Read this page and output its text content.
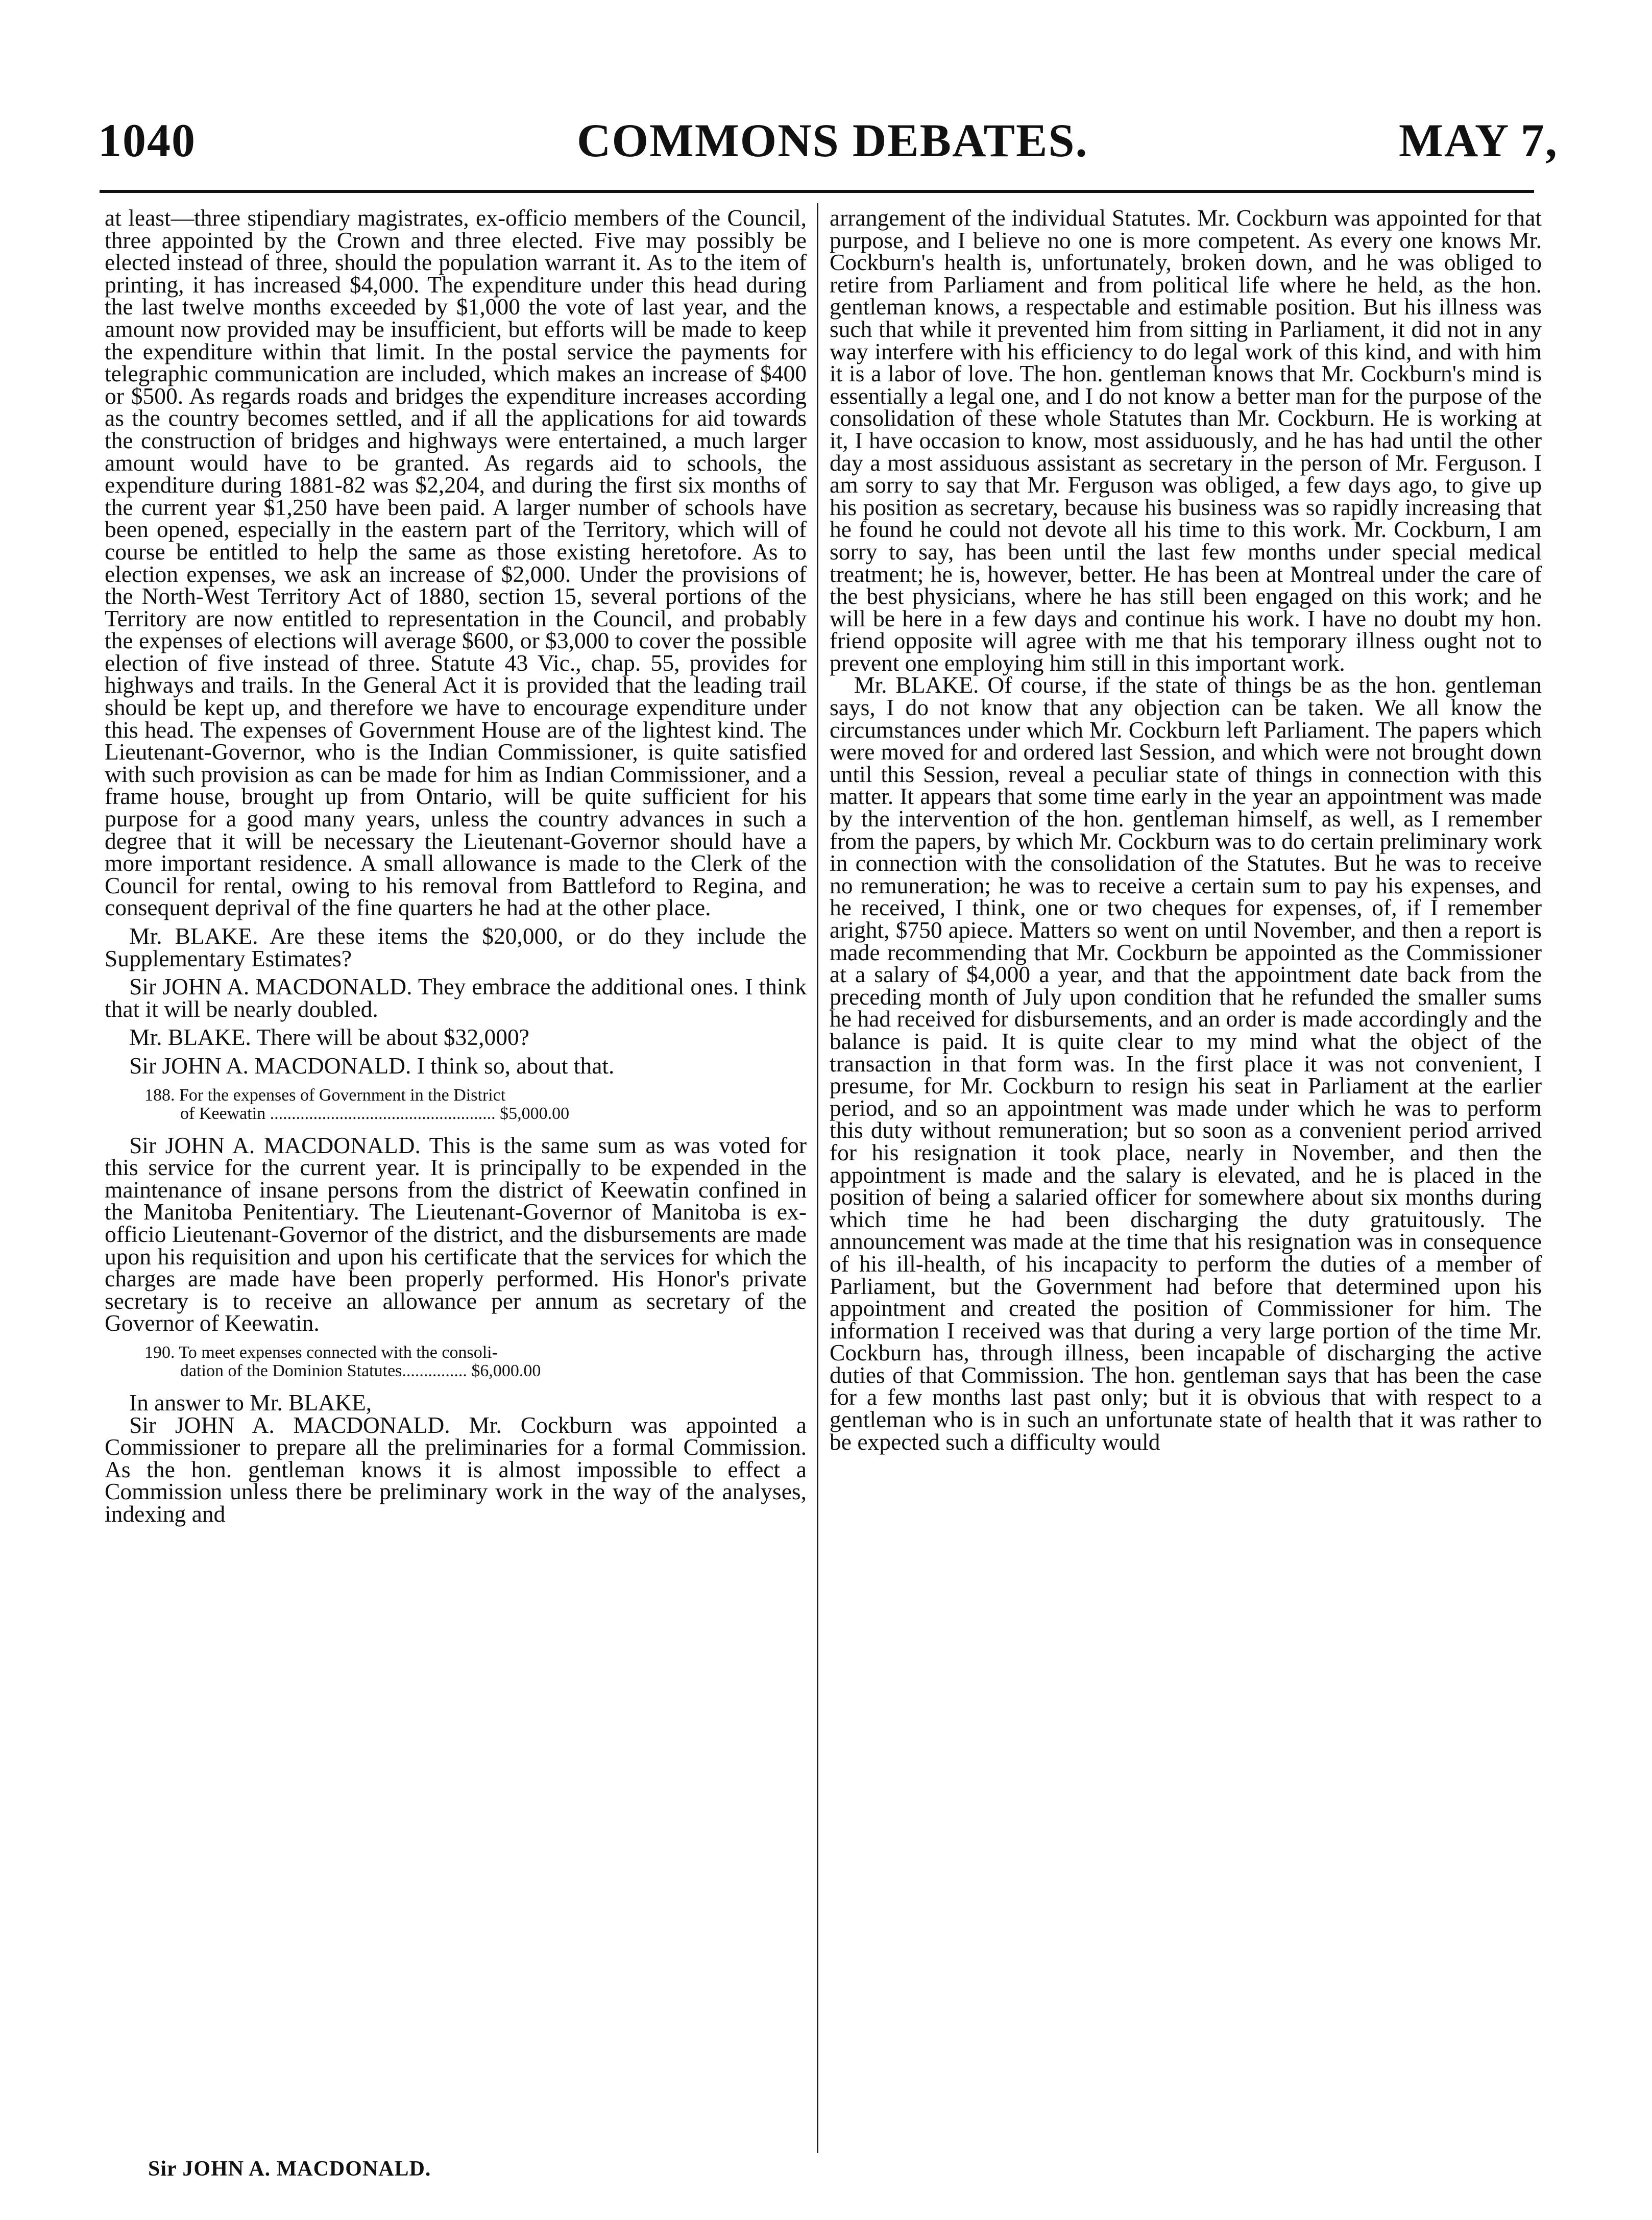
1040	COMMONS DEBATES.	MAY 7,

at least—three stipendiary magistrates, ex-officio members of the Council, three appointed by the Crown and three elected. Five may possibly be elected instead of three, should the population warrant it. As to the item of printing, it has increased $4,000. The expenditure under this head during the last twelve months exceeded by $1,000 the vote of last year, and the amount now provided may be insufficient, but efforts will be made to keep the expenditure within that limit. In the postal service the payments for telegraphic communication are included, which makes an increase of $400 or $500. As regards roads and bridges the expenditure increases according as the country becomes settled, and if all the applications for aid towards the construction of bridges and highways were entertained, a much larger amount would have to be granted. As regards aid to schools, the expenditure during 1881-82 was $2,204, and during the first six months of the current year $1,250 have been paid. A larger number of schools have been opened, especially in the eastern part of the Territory, which will of course be entitled to help the same as those existing heretofore. As to election expenses, we ask an increase of $2,000. Under the provisions of the North-West Territory Act of 1880, section 15, several portions of the Territory are now entitled to representation in the Council, and probably the expenses of elections will average $600, or $3,000 to cover the possible election of five instead of three. Statute 43 Vic., chap. 55, provides for highways and trails. In the General Act it is provided that the leading trail should be kept up, and therefore we have to encourage expenditure under this head. The expenses of Government House are of the lightest kind. The Lieutenant-Governor, who is the Indian Commissioner, is quite satisfied with such provision as can be made for him as Indian Commissioner, and a frame house, brought up from Ontario, will be quite sufficient for his purpose for a good many years, unless the country advances in such a degree that it will be necessary the Lieutenant-Governor should have a more important residence. A small allowance is made to the Clerk of the Council for rental, owing to his removal from Battleford to Regina, and consequent deprival of the fine quarters he had at the other place.

Mr. BLAKE. Are these items the $20,000, or do they include the Supplementary Estimates?

Sir JOHN A. MACDONALD. They embrace the additional ones. I think that it will be nearly doubled.

Mr. BLAKE. There will be about $32,000?

Sir JOHN A. MACDONALD. I think so, about that.

188. For the expenses of Government in the District
of Keewatin .................................................... $5,000.00

Sir JOHN A. MACDONALD. This is the same sum as was voted for this service for the current year. It is principally to be expended in the maintenance of insane persons from the district of Keewatin confined in the Manitoba Penitentiary. The Lieutenant-Governor of Manitoba is ex-officio Lieutenant-Governor of the district, and the disbursements are made upon his requisition and upon his certificate that the services for which the charges are made have been properly performed. His Honor's private secretary is to receive an allowance per annum as secretary of the Governor of Keewatin.

190. To meet expenses connected with the consoli-
dation of the Dominion Statutes............... $6,000.00

In answer to Mr. BLAKE,

Sir JOHN A. MACDONALD. Mr. Cockburn was appointed a Commissioner to prepare all the preliminaries for a formal Commission. As the hon. gentleman knows it is almost impossible to effect a Commission unless there be preliminary work in the way of the analyses, indexing and

arrangement of the individual Statutes. Mr. Cockburn was appointed for that purpose, and I believe no one is more competent. As every one knows Mr. Cockburn's health is, unfortunately, broken down, and he was obliged to retire from Parliament and from political life where he held, as the hon. gentleman knows, a respectable and estimable position. But his illness was such that while it prevented him from sitting in Parliament, it did not in any way interfere with his efficiency to do legal work of this kind, and with him it is a labor of love. The hon. gentleman knows that Mr. Cockburn's mind is essentially a legal one, and I do not know a better man for the purpose of the consolidation of these whole Statutes than Mr. Cockburn. He is working at it, I have occasion to know, most assiduously, and he has had until the other day a most assiduous assistant as secretary in the person of Mr. Ferguson. I am sorry to say that Mr. Ferguson was obliged, a few days ago, to give up his position as secretary, because his business was so rapidly increasing that he found he could not devote all his time to this work. Mr. Cockburn, I am sorry to say, has been until the last few months under special medical treatment; he is, however, better. He has been at Montreal under the care of the best physicians, where he has still been engaged on this work; and he will be here in a few days and continue his work. I have no doubt my hon. friend opposite will agree with me that his temporary illness ought not to prevent one employing him still in this important work.

Mr. BLAKE. Of course, if the state of things be as the hon. gentleman says, I do not know that any objection can be taken. We all know the circumstances under which Mr. Cockburn left Parliament. The papers which were moved for and ordered last Session, and which were not brought down until this Session, reveal a peculiar state of things in connection with this matter. It appears that some time early in the year an appointment was made by the intervention of the hon. gentleman himself, as well, as I remember from the papers, by which Mr. Cockburn was to do certain preliminary work in connection with the consolidation of the Statutes. But he was to receive no remuneration; he was to receive a certain sum to pay his expenses, and he received, I think, one or two cheques for expenses, of, if I remember aright, $750 apiece. Matters so went on until November, and then a report is made recommending that Mr. Cockburn be appointed as the Commissioner at a salary of $4,000 a year, and that the appointment date back from the preceding month of July upon condition that he refunded the smaller sums he had received for disbursements, and an order is made accordingly and the balance is paid. It is quite clear to my mind what the object of the transaction in that form was. In the first place it was not convenient, I presume, for Mr. Cockburn to resign his seat in Parliament at the earlier period, and so an appointment was made under which he was to perform this duty without remuneration; but so soon as a convenient period arrived for his resignation it took place, nearly in November, and then the appointment is made and the salary is elevated, and he is placed in the position of being a salaried officer for somewhere about six months during which time he had been discharging the duty gratuitously. The announcement was made at the time that his resignation was in consequence of his ill-health, of his incapacity to perform the duties of a member of Parliament, but the Government had before that determined upon his appointment and created the position of Commissioner for him. The information I received was that during a very large portion of the time Mr. Cockburn has, through illness, been incapable of discharging the active duties of that Commission. The hon. gentleman says that has been the case for a few months last past only; but it is obvious that with respect to a gentleman who is in such an unfortunate state of health that it was rather to be expected such a difficulty would

Sir JOHN A. MACDONALD.
